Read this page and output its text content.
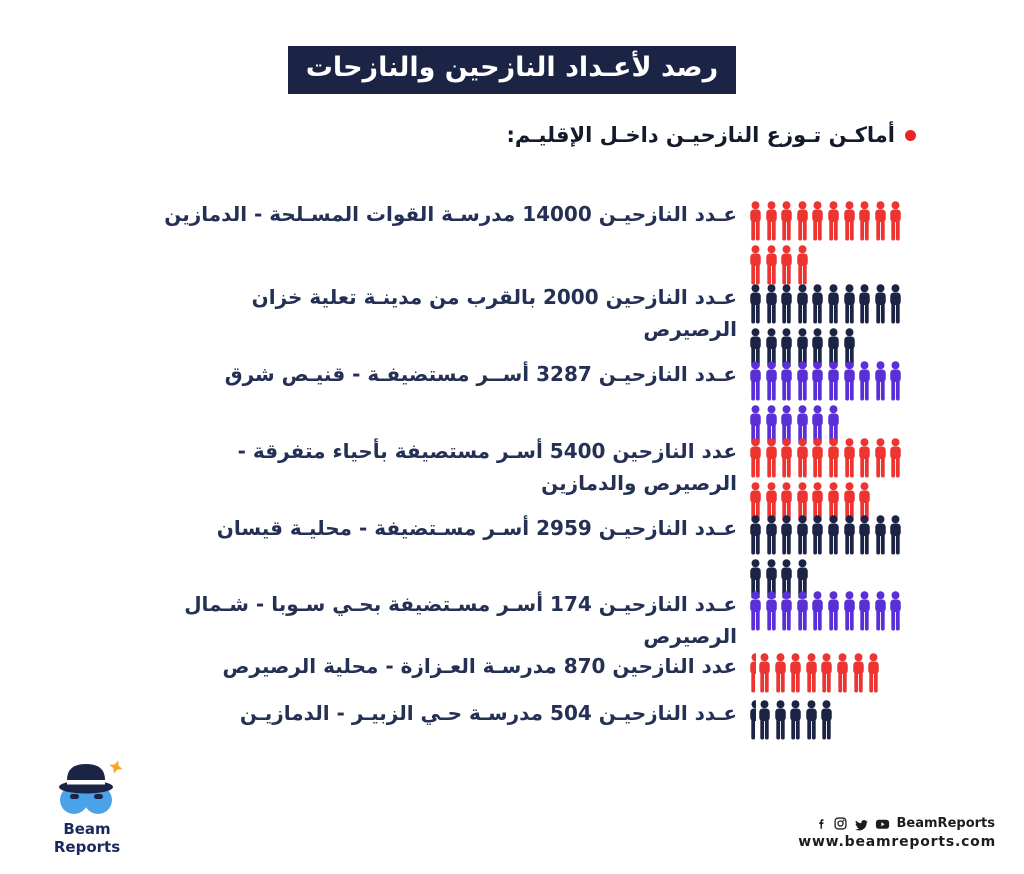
رصد لأعـداد النازحين والنازحات
أماكـن تـوزع النازحيـن داخـل الإقليـم:
عـدد النازحيـن 14000 مدرسـة القوات المسـلحة - الدمازين
عـدد النازحين 2000 بالقرب من مدينـة تعلية خزان الرصيرص
عـدد النازحيـن 3287 أســر مستضيفـة - قنيـص شرق
عدد النازحين 5400 أسـر مستصيفة بأحياء متفرقة - الرصيرص والدمازين
عـدد النازحيـن 2959 أسـر مسـتضيفة - محليـة قيسان
عـدد النازحيـن 174 أسـر مسـتضيفة بحـي سـوبا - شـمال الرصيرص
عدد النازحين 870 مدرسـة العـزازة - محلية الرصيرص
عـدد النازحيـن 504 مدرسـة حـي الزبيـر - الدمازيـن
Beam Reports
BeamReports
www.beamreports.com
